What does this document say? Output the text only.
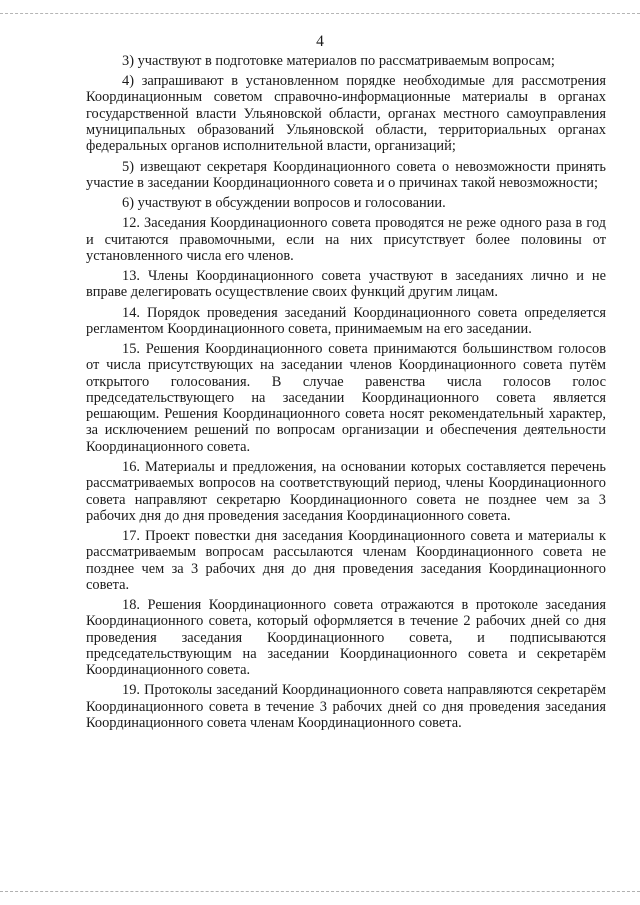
4

3) участвуют в подготовке материалов по рассматриваемым вопросам;

4) запрашивают в установленном порядке необходимые для рассмотрения Координационным советом справочно-информационные материалы в органах государственной власти Ульяновской области, органах местного самоуправления муниципальных образований Ульяновской области, территориальных органах федеральных органов исполнительной власти, организаций;

5) извещают секретаря Координационного совета о невозможности принять участие в заседании Координационного совета и о причинах такой невозможности;

6) участвуют в обсуждении вопросов и голосовании.

12. Заседания Координационного совета проводятся не реже одного раза в год и считаются правомочными, если на них присутствует более половины от установленного числа его членов.

13. Члены Координационного совета участвуют в заседаниях лично и не вправе делегировать осуществление своих функций другим лицам.

14. Порядок проведения заседаний Координационного совета определяется регламентом Координационного совета, принимаемым на его заседании.

15. Решения Координационного совета принимаются большинством голосов от числа присутствующих на заседании членов Координационного совета путём открытого голосования. В случае равенства числа голосов голос председательствующего на заседании Координационного совета является решающим. Решения Координационного совета носят рекомендательный характер, за исключением решений по вопросам организации и обеспечения деятельности Координационного совета.

16. Материалы и предложения, на основании которых составляется перечень рассматриваемых вопросов на соответствующий период, члены Координационного совета направляют секретарю Координационного совета не позднее чем за 3 рабочих дня до дня проведения заседания Координационного совета.

17. Проект повестки дня заседания Координационного совета и материалы к рассматриваемым вопросам рассылаются членам Координационного совета не позднее чем за 3 рабочих дня до дня проведения заседания Координационного совета.

18. Решения Координационного совета отражаются в протоколе заседания Координационного совета, который оформляется в течение 2 рабочих дней со дня проведения заседания Координационного совета, и подписываются председательствующим на заседании Координационного совета и секретарём Координационного совета.

19. Протоколы заседаний Координационного совета направляются секретарём Координационного совета в течение 3 рабочих дней со дня проведения заседания Координационного совета членам Координационного совета.
